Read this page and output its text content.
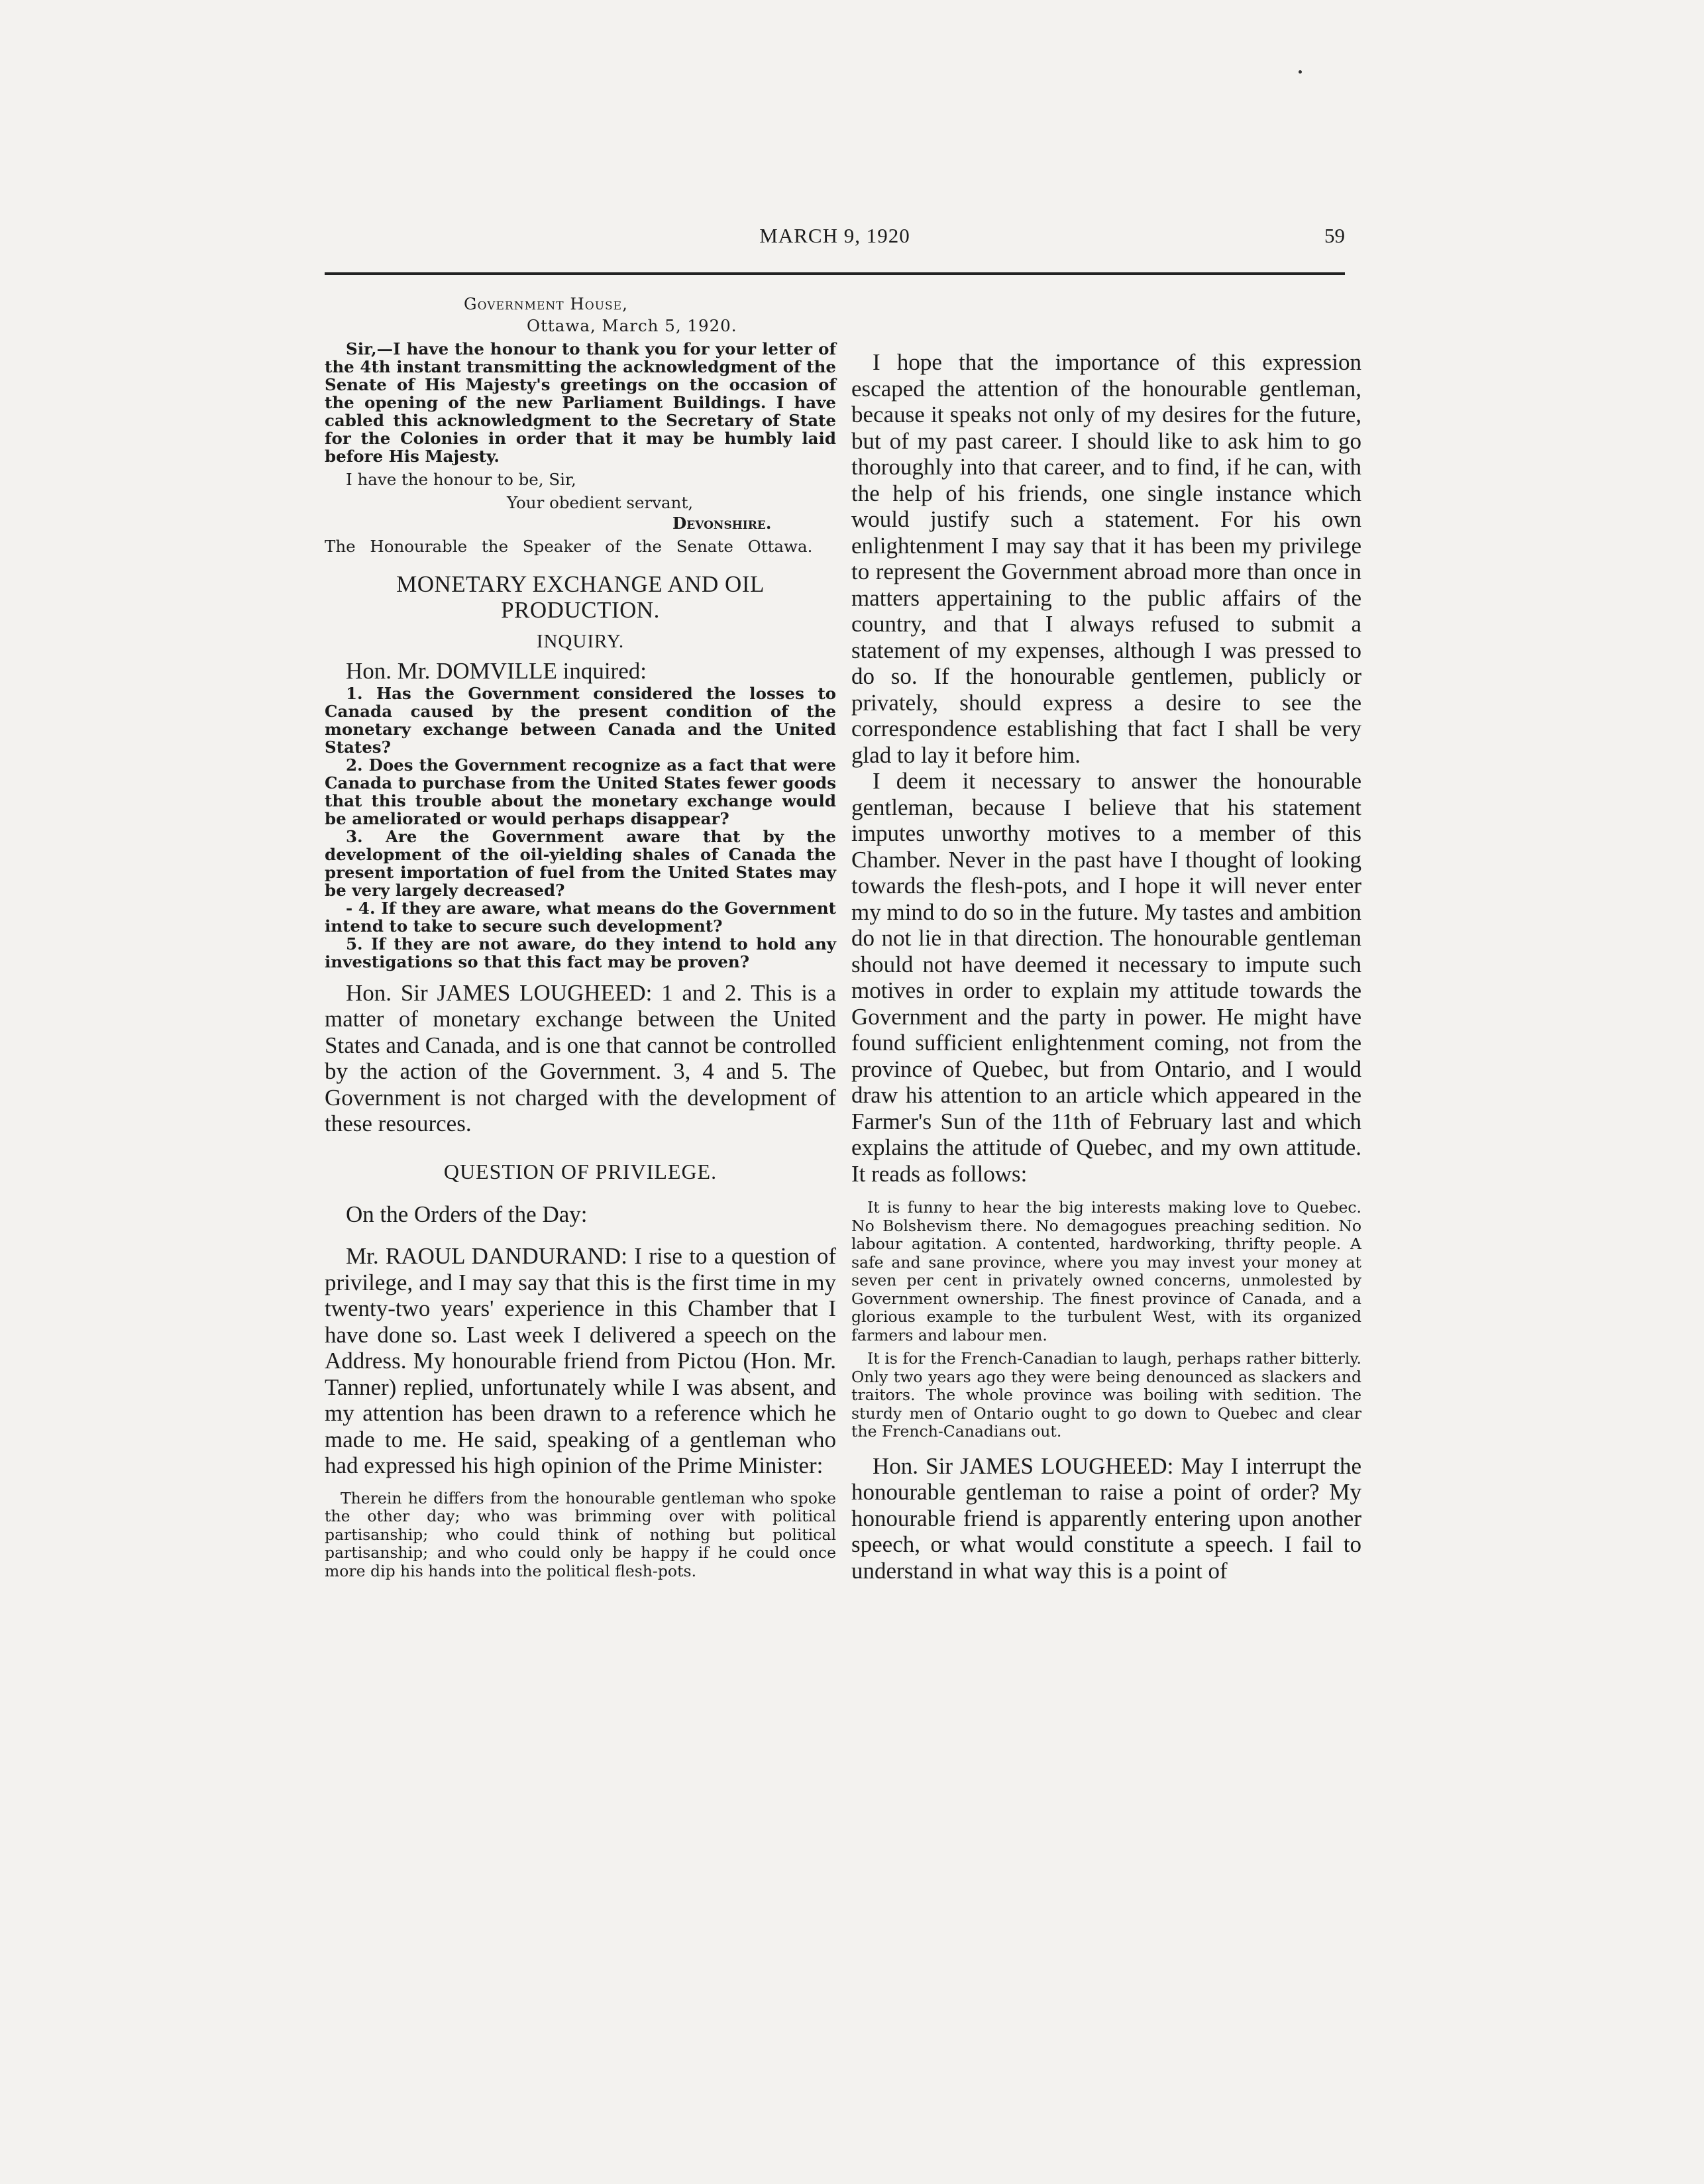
MARCH 9, 1920	59

Government House,

Ottawa, March 5, 1920.

Sir,—I have the honour to thank you for your letter of the 4th instant transmitting the acknowledgment of the Senate of His Majesty's greetings on the occasion of the opening of the new Parliament Buildings. I have cabled this acknowledgment to the Secretary of State for the Colonies in order that it may be humbly laid before His Majesty.

I have the honour to be, Sir,

Your obedient servant,

Devonshire.

The Honourable the Speaker of the Senate Ottawa.

MONETARY EXCHANGE AND OIL PRODUCTION.

INQUIRY.

Hon. Mr. DOMVILLE inquired:

1. Has the Government considered the losses to Canada caused by the present condition of the monetary exchange between Canada and the United States?

2. Does the Government recognize as a fact that were Canada to purchase from the United States fewer goods that this trouble about the monetary exchange would be ameliorated or would perhaps disappear?

3. Are the Government aware that by the development of the oil-yielding shales of Canada the present importation of fuel from the United States may be very largely decreased?

- 4. If they are aware, what means do the Government intend to take to secure such development?

5. If they are not aware, do they intend to hold any investigations so that this fact may be proven?

Hon. Sir JAMES LOUGHEED: 1 and 2. This is a matter of monetary exchange between the United States and Canada, and is one that cannot be controlled by the action of the Government. 3, 4 and 5. The Government is not charged with the development of these resources.

QUESTION OF PRIVILEGE.

On the Orders of the Day:

Mr. RAOUL DANDURAND: I rise to a question of privilege, and I may say that this is the first time in my twenty-two years' experience in this Chamber that I have done so. Last week I delivered a speech on the Address. My honourable friend from Pictou (Hon. Mr. Tanner) replied, unfortunately while I was absent, and my attention has been drawn to a reference which he made to me. He said, speaking of a gentleman who had expressed his high opinion of the Prime Minister:

Therein he differs from the honourable gentleman who spoke the other day; who was brimming over with political partisanship; who could think of nothing but political partisanship; and who could only be happy if he could once more dip his hands into the political flesh-pots.

I hope that the importance of this expression escaped the attention of the honourable gentleman, because it speaks not only of my desires for the future, but of my past career. I should like to ask him to go thoroughly into that career, and to find, if he can, with the help of his friends, one single instance which would justify such a statement. For his own enlightenment I may say that it has been my privilege to represent the Government abroad more than once in matters appertaining to the public affairs of the country, and that I always refused to submit a statement of my expenses, although I was pressed to do so. If the honourable gentlemen, publicly or privately, should express a desire to see the correspondence establishing that fact I shall be very glad to lay it before him.

I deem it necessary to answer the honourable gentleman, because I believe that his statement imputes unworthy motives to a member of this Chamber. Never in the past have I thought of looking towards the flesh-pots, and I hope it will never enter my mind to do so in the future. My tastes and ambition do not lie in that direction. The honourable gentleman should not have deemed it necessary to impute such motives in order to explain my attitude towards the Government and the party in power. He might have found sufficient enlightenment coming, not from the province of Quebec, but from Ontario, and I would draw his attention to an article which appeared in the Farmer's Sun of the 11th of February last and which explains the attitude of Quebec, and my own attitude. It reads as follows:

It is funny to hear the big interests making love to Quebec. No Bolshevism there. No demagogues preaching sedition. No labour agitation. A contented, hardworking, thrifty people. A safe and sane province, where you may invest your money at seven per cent in privately owned concerns, unmolested by Government ownership. The finest province of Canada, and a glorious example to the turbulent West, with its organized farmers and labour men.

It is for the French-Canadian to laugh, perhaps rather bitterly. Only two years ago they were being denounced as slackers and traitors. The whole province was boiling with sedition. The sturdy men of Ontario ought to go down to Quebec and clear the French-Canadians out.

Hon. Sir JAMES LOUGHEED: May I interrupt the honourable gentleman to raise a point of order? My honourable friend is apparently entering upon another speech, or what would constitute a speech. I fail to understand in what way this is a point of
